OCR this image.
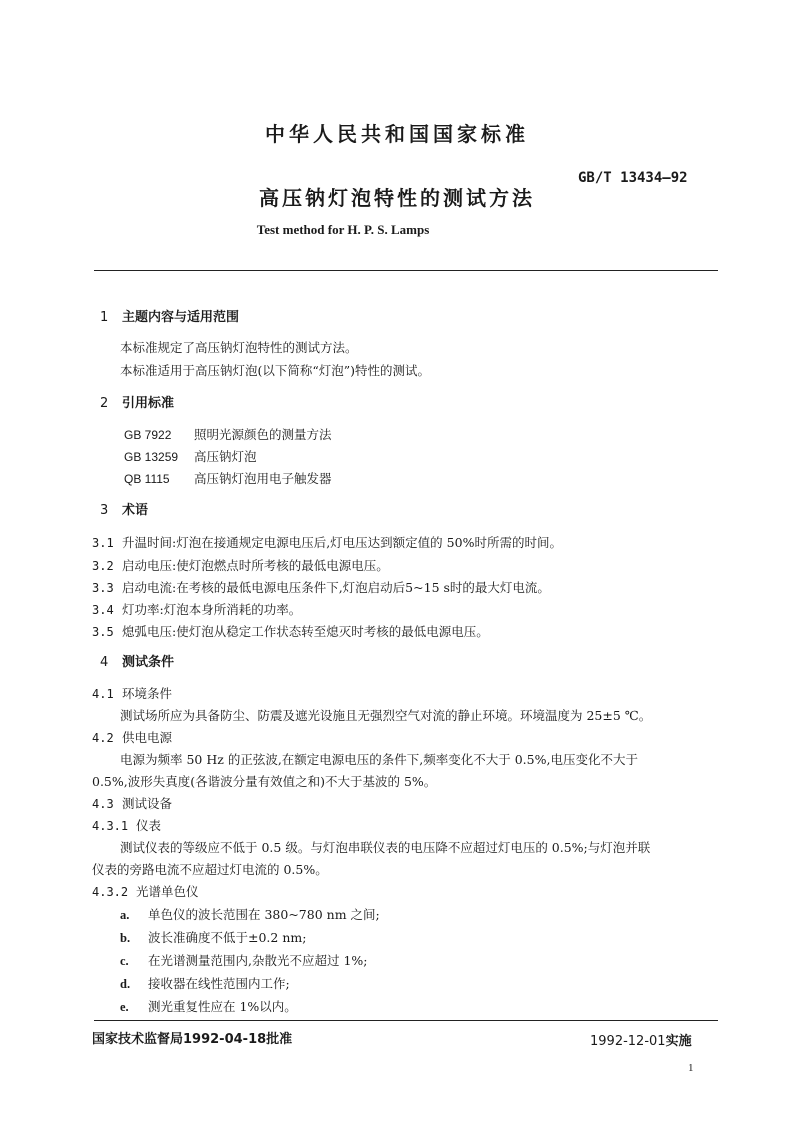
中华人民共和国国家标准
GB/T 13434—92
高压钠灯泡特性的测试方法
Test method for H. P. S. Lamps
1 主题内容与适用范围
本标准规定了高压钠灯泡特性的测试方法。
本标准适用于高压钠灯泡(以下简称“灯泡”)特性的测试。
2 引用标准
GB 7922 照明光源颜色的测量方法
GB 13259 高压钠灯泡
QB 1115 高压钠灯泡用电子触发器
3 术语
3.1 升温时间:灯泡在接通规定电源电压后,灯电压达到额定值的 50%时所需的时间。
3.2 启动电压:使灯泡燃点时所考核的最低电源电压。
3.3 启动电流:在考核的最低电源电压条件下,灯泡启动后5~15 s时的最大灯电流。
3.4 灯功率:灯泡本身所消耗的功率。
3.5 熄弧电压:使灯泡从稳定工作状态转至熄灭时考核的最低电源电压。
4 测试条件
4.1 环境条件
测试场所应为具备防尘、防震及遮光设施且无强烈空气对流的静止环境。环境温度为 25±5 ℃。
4.2 供电电源
电源为频率 50 Hz 的正弦波,在额定电源电压的条件下,频率变化不大于 0.5%,电压变化不大于
0.5%,波形失真度(各谐波分量有效值之和)不大于基波的 5%。
4.3 测试设备
4.3.1 仪表
测试仪表的等级应不低于 0.5 级。与灯泡串联仪表的电压降不应超过灯电压的 0.5%;与灯泡并联
仪表的旁路电流不应超过灯电流的 0.5%。
4.3.2 光谱单色仪
a. 单色仪的波长范围在 380~780 nm 之间;
b. 波长准确度不低于±0.2 nm;
c. 在光谱测量范围内,杂散光不应超过 1%;
d. 接收器在线性范围内工作;
e. 测光重复性应在 1%以内。
国家技术监督局1992-04-18批准	1992-12-01实施
1
